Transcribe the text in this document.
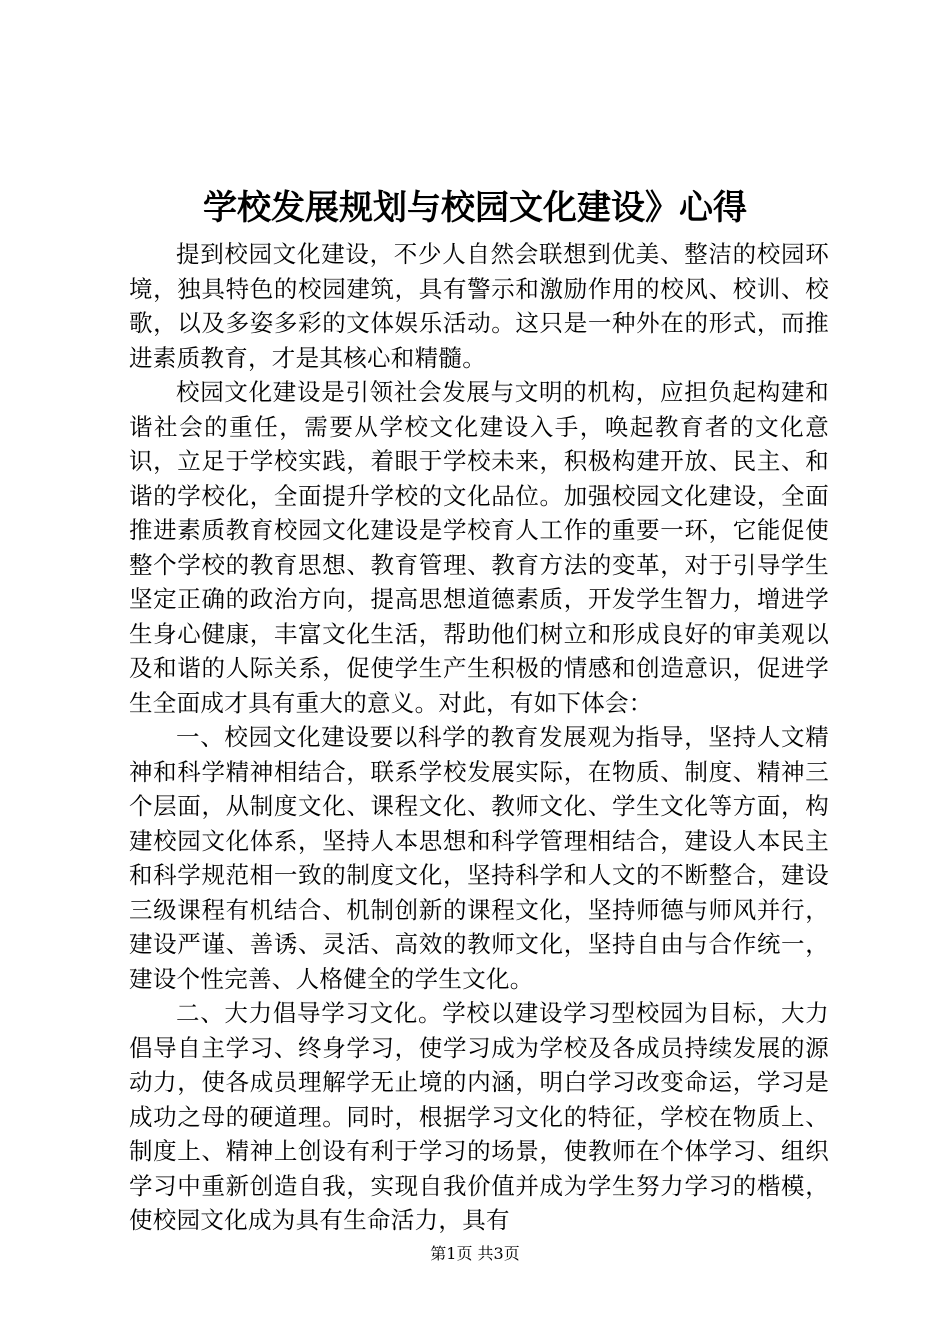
学校发展规划与校园文化建设》心得

提到校园文化建设，不少人自然会联想到优美、整洁的校园环境，独具特色的校园建筑，具有警示和激励作用的校风、校训、校歌，以及多姿多彩的文体娱乐活动。这只是一种外在的形式，而推进素质教育，才是其核心和精髓。

校园文化建设是引领社会发展与文明的机构，应担负起构建和谐社会的重任，需要从学校文化建设入手，唤起教育者的文化意识，立足于学校实践，着眼于学校未来，积极构建开放、民主、和谐的学校化，全面提升学校的文化品位。加强校园文化建设，全面推进素质教育校园文化建设是学校育人工作的重要一环，它能促使整个学校的教育思想、教育管理、教育方法的变革，对于引导学生坚定正确的政治方向，提高思想道德素质，开发学生智力，增进学生身心健康，丰富文化生活，帮助他们树立和形成良好的审美观以及和谐的人际关系，促使学生产生积极的情感和创造意识，促进学生全面成才具有重大的意义。对此，有如下体会：

一、校园文化建设要以科学的教育发展观为指导，坚持人文精神和科学精神相结合，联系学校发展实际，在物质、制度、精神三个层面，从制度文化、课程文化、教师文化、学生文化等方面，构建校园文化体系，坚持人本思想和科学管理相结合，建设人本民主和科学规范相一致的制度文化，坚持科学和人文的不断整合，建设三级课程有机结合、机制创新的课程文化，坚持师德与师风并行，建设严谨、善诱、灵活、高效的教师文化，坚持自由与合作统一，建设个性完善、人格健全的学生文化。

二、大力倡导学习文化。学校以建设学习型校园为目标，大力倡导自主学习、终身学习，使学习成为学校及各成员持续发展的源动力，使各成员理解学无止境的内涵，明白学习改变命运，学习是成功之母的硬道理。同时，根据学习文化的特征，学校在物质上、制度上、精神上创设有利于学习的场景，使教师在个体学习、组织学习中重新创造自我，实现自我价值并成为学生努力学习的楷模，使校园文化成为具有生命活力，具有

第1页 共3页
